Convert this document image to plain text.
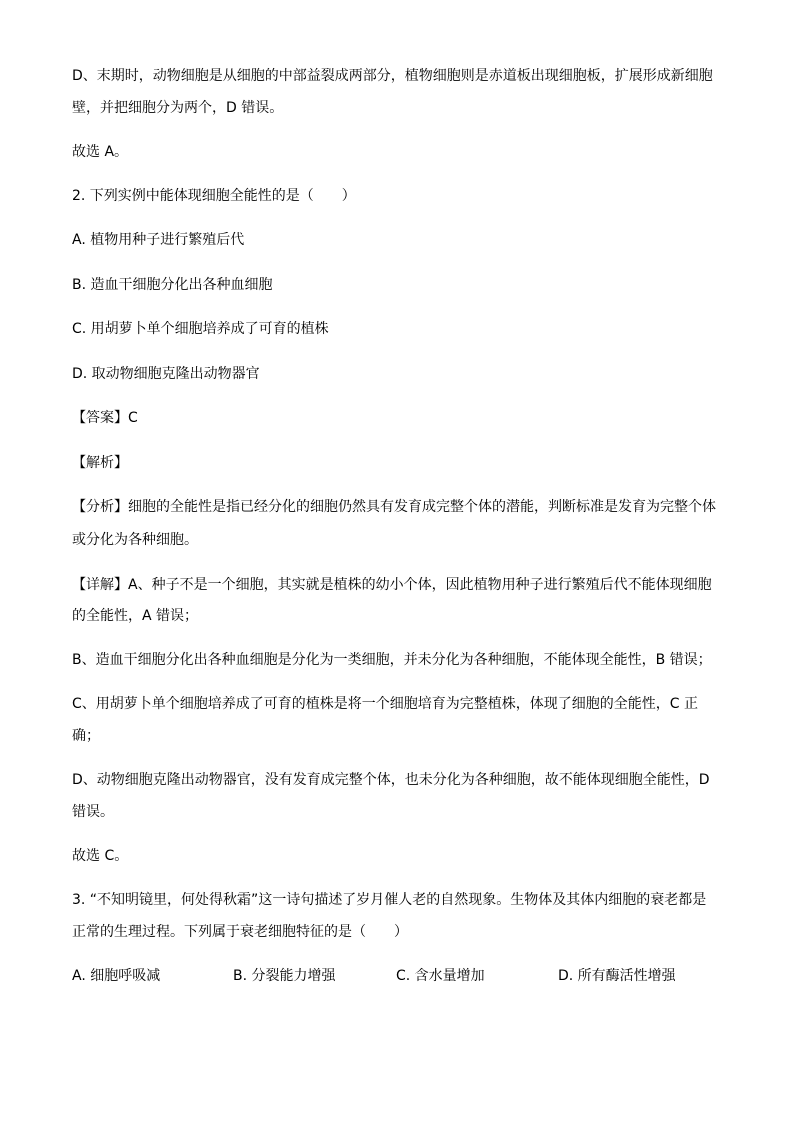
D、末期时，动物细胞是从细胞的中部益裂成两部分，植物细胞则是赤道板出现细胞板，扩展形成新细胞
壁，并把细胞分为两个，D 错误。
故选 A。
2. 下列实例中能体现细胞全能性的是（　　）
A. 植物用种子进行繁殖后代
B. 造血干细胞分化出各种血细胞
C. 用胡萝卜单个细胞培养成了可育的植株
D. 取动物细胞克隆出动物器官
【答案】C
【解析】
【分析】细胞的全能性是指已经分化的细胞仍然具有发育成完整个体的潜能，判断标准是发育为完整个体
或分化为各种细胞。
【详解】A、种子不是一个细胞，其实就是植株的幼小个体，因此植物用种子进行繁殖后代不能体现细胞
的全能性，A 错误；
B、造血干细胞分化出各种血细胞是分化为一类细胞，并未分化为各种细胞，不能体现全能性，B 错误；
C、用胡萝卜单个细胞培养成了可育的植株是将一个细胞培育为完整植株，体现了细胞的全能性，C 正
确；
D、动物细胞克隆出动物器官，没有发育成完整个体，也未分化为各种细胞，故不能体现细胞全能性，D
错误。
故选 C。
3. “不知明镜里，何处得秋霜”这一诗句描述了岁月催人老的自然现象。生物体及其体内细胞的衰老都是
正常的生理过程。下列属于衰老细胞特征的是（　　）
A. 细胞呼吸减	B. 分裂能力增强	C. 含水量增加	D. 所有酶活性增强
